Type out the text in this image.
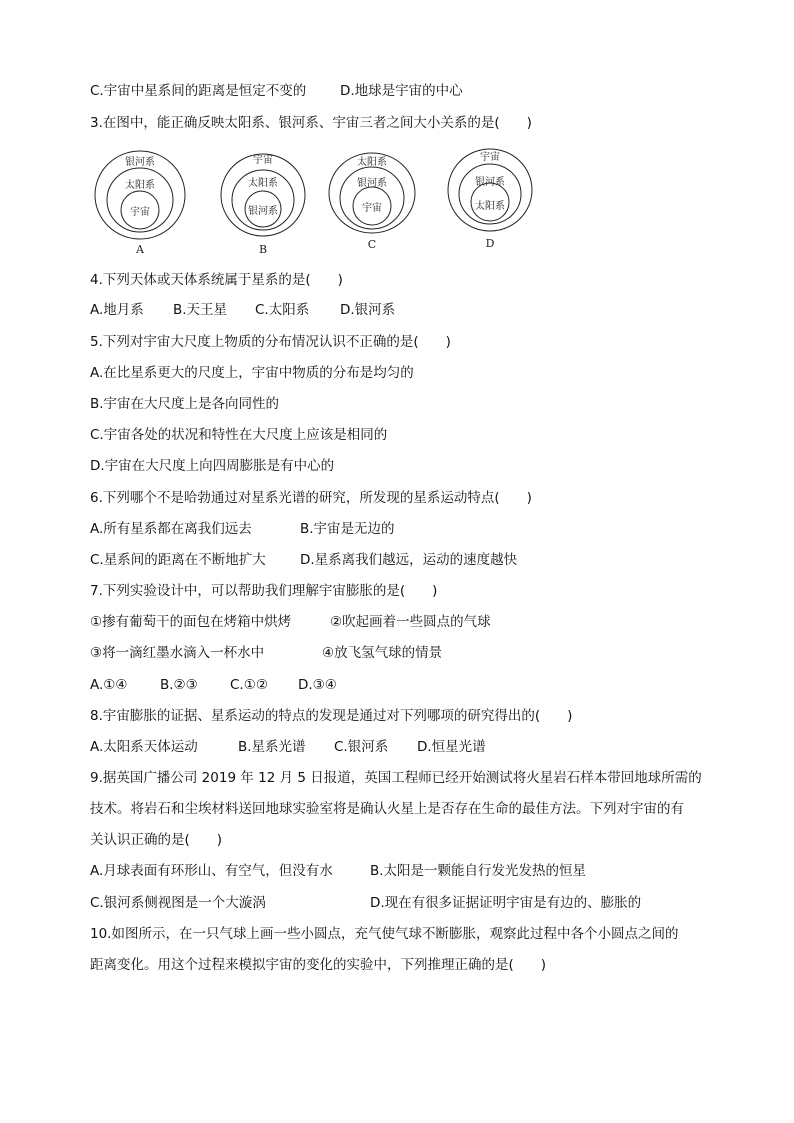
C.宇宙中星系间的距离是恒定不变的	D.地球是宇宙的中心
3.在图中，能正确反映太阳系、银河系、宇宙三者之间大小关系的是(　　)
银河系
太阳系
宇宙
A
宇宙
太阳系
银河系
B
太阳系
银河系
宇宙
C
宇宙
银河系
太阳系
D
4.下列天体或天体系统属于星系的是(　　)
A.地月系 B.天王星 C.太阳系 D.银河系
5.下列对宇宙大尺度上物质的分布情况认识不正确的是(　　)
A.在比星系更大的尺度上，宇宙中物质的分布是均匀的
B.宇宙在大尺度上是各向同性的
C.宇宙各处的状况和特性在大尺度上应该是相同的
D.宇宙在大尺度上向四周膨胀是有中心的
6.下列哪个不是哈勃通过对星系光谱的研究，所发现的星系运动特点(　　)
A.所有星系都在离我们远去	B.宇宙是无边的
C.星系间的距离在不断地扩大	D.星系离我们越远，运动的速度越快
7.下列实验设计中，可以帮助我们理解宇宙膨胀的是(　　)
①掺有葡萄干的面包在烤箱中烘烤	②吹起画着一些圆点的气球
③将一滴红墨水滴入一杯水中	④放飞氢气球的情景
A.①④ B.②③ C.①② D.③④
8.宇宙膨胀的证据、星系运动的特点的发现是通过对下列哪项的研究得出的(　　)
A.太阳系天体运动	B.星系光谱 C.银河系 D.恒星光谱
9.据英国广播公司 2019 年 12 月 5 日报道，英国工程师已经开始测试将火星岩石样本带回地球所需的
技术。将岩石和尘埃材料送回地球实验室将是确认火星上是否存在生命的最佳方法。下列对宇宙的有
关认识正确的是(　　)
A.月球表面有环形山、有空气，但没有水	B.太阳是一颗能自行发光发热的恒星
C.银河系侧视图是一个大漩涡	D.现在有很多证据证明宇宙是有边的、膨胀的
10.如图所示，在一只气球上画一些小圆点，充气使气球不断膨胀，观察此过程中各个小圆点之间的
距离变化。用这个过程来模拟宇宙的变化的实验中，下列推理正确的是(　　)
